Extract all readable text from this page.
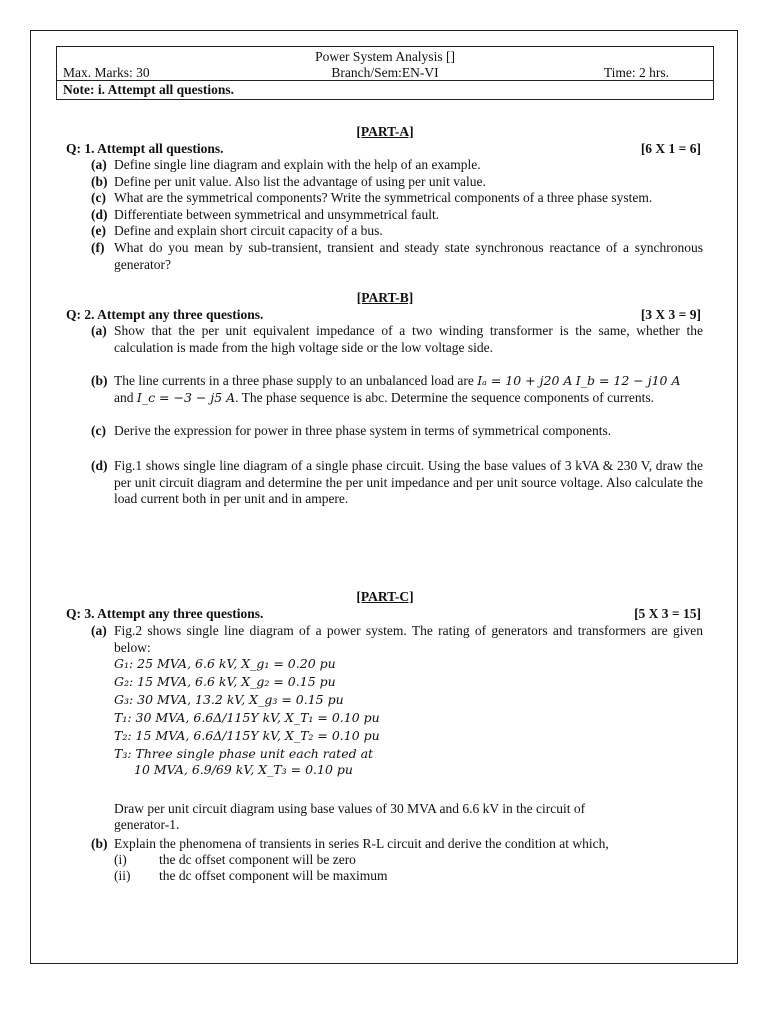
Power System Analysis []
Branch/Sem:EN-VI
Max. Marks: 30	Time: 2 hrs.
Note: i. Attempt all questions.
[PART-A]
Q: 1. Attempt all questions.	[6 X 1 = 6]
(a) Define single line diagram and explain with the help of an example.
(b) Define per unit value. Also list the advantage of using per unit value.
(c) What are the symmetrical components? Write the symmetrical components of a three phase system.
(d) Differentiate between symmetrical and unsymmetrical fault.
(e) Define and explain short circuit capacity of a bus.
(f) What do you mean by sub-transient, transient and steady state synchronous reactance of a synchronous generator?
[PART-B]
Q: 2. Attempt any three questions.	[3 X 3 = 9]
(a) Show that the per unit equivalent impedance of a two winding transformer is the same, whether the calculation is made from the high voltage side or the low voltage side.
(b) The line currents in a three phase supply to an unbalanced load are Iₐ = 10 + j20 A I_b = 12 − j10 A
and I_c = −3 − j5 A. The phase sequence is abc. Determine the sequence components of currents.
(c) Derive the expression for power in three phase system in terms of symmetrical components.
(d) Fig.1 shows single line diagram of a single phase circuit. Using the base values of 3 kVA & 230 V, draw the per unit circuit diagram and determine the per unit impedance and per unit source voltage. Also calculate the load current both in per unit and in ampere.
[PART-C]
Q: 3. Attempt any three questions.	[5 X 3 = 15]
(a) Fig.2 shows single line diagram of a power system. The rating of generators and transformers are given below:
G₁: 25 MVA, 6.6 kV, X_g₁ = 0.20 pu
G₂: 15 MVA, 6.6 kV, X_g₂ = 0.15 pu
G₃: 30 MVA, 13.2 kV, X_g₃ = 0.15 pu
T₁: 30 MVA, 6.6Δ/115Y kV, X_T₁ = 0.10 pu
T₂: 15 MVA, 6.6Δ/115Y kV, X_T₂ = 0.10 pu
T₃: Three single phase unit each rated at
10 MVA, 6.9/69 kV, X_T₃ = 0.10 pu
Draw per unit circuit diagram using base values of 30 MVA and 6.6 kV in the circuit of generator-1.
(b) Explain the phenomena of transients in series R-L circuit and derive the condition at which,
(i) the dc offset component will be zero
(ii) the dc offset component will be maximum
